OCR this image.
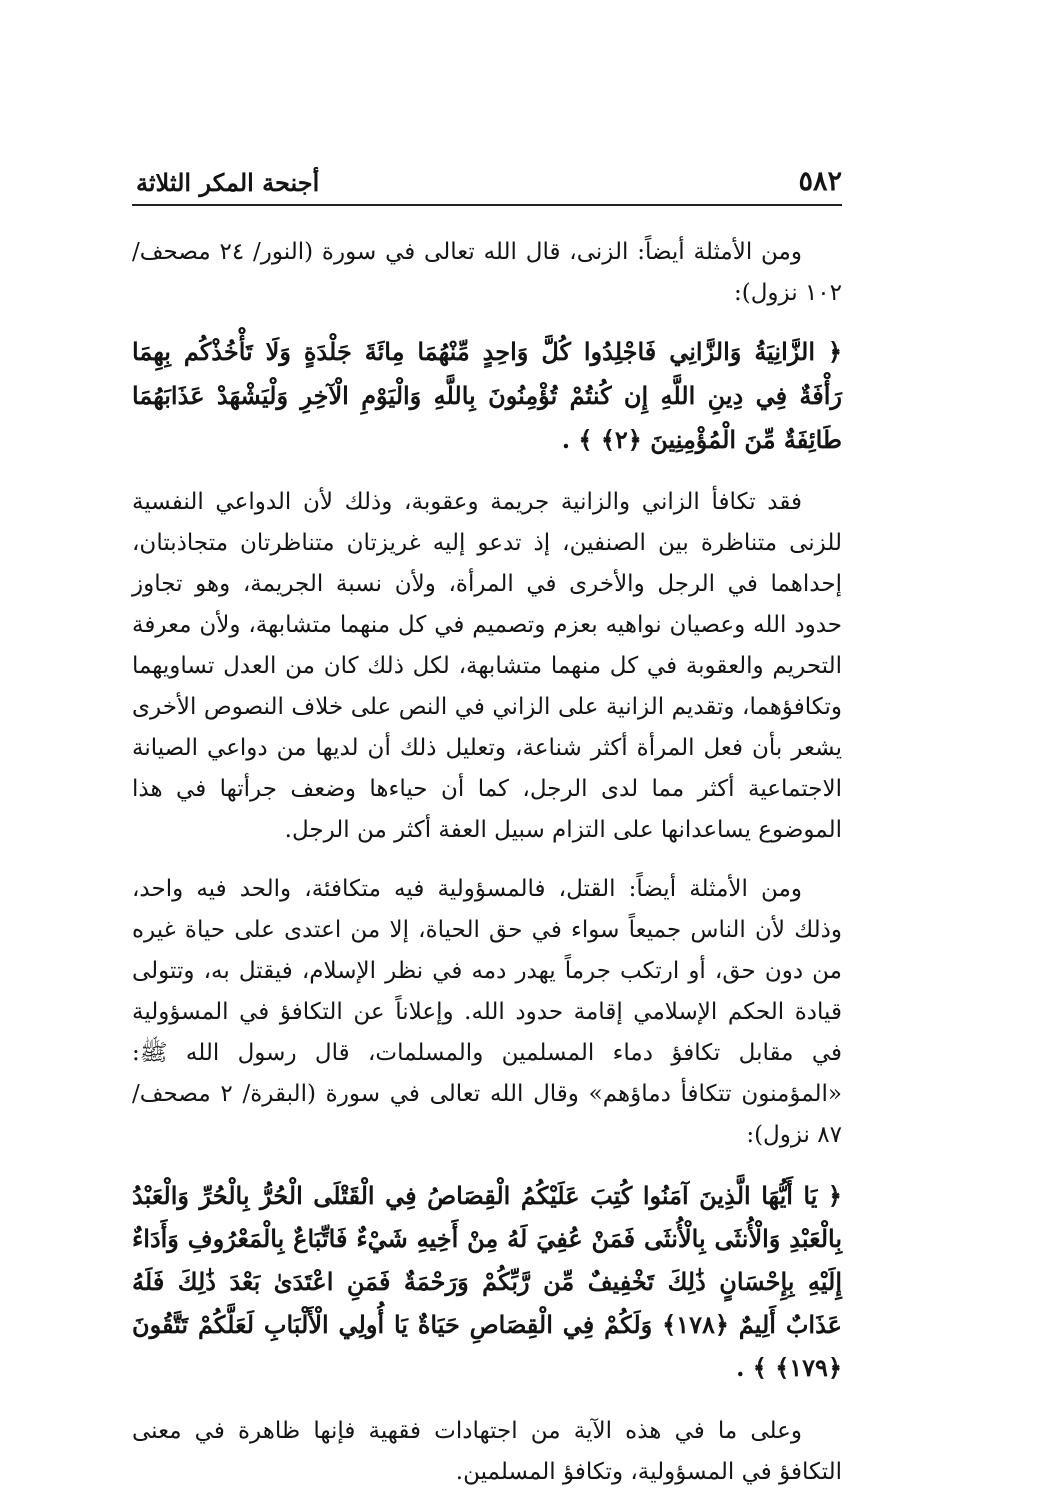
٥٨٢
أجنحة المكر الثلاثة

ومن الأمثلة أيضاً: الزنى، قال الله تعالى في سورة (النور/ ٢٤ مصحف/ ١٠٢ نزول):

﴿ الزَّانِيَةُ وَالزَّانِي فَاجْلِدُوا كُلَّ وَاحِدٍ مِّنْهُمَا مِائَةَ جَلْدَةٍ وَلَا تَأْخُذْكُم بِهِمَا رَأْفَةٌ فِي دِينِ اللَّهِ إِن كُنتُمْ تُؤْمِنُونَ بِاللَّهِ وَالْيَوْمِ الْآخِرِ وَلْيَشْهَدْ عَذَابَهُمَا طَائِفَةٌ مِّنَ الْمُؤْمِنِينَ ﴿٢﴾ ﴾ .

فقد تكافأ الزاني والزانية جريمة وعقوبة، وذلك لأن الدواعي النفسية للزنى متناظرة بين الصنفين، إذ تدعو إليه غريزتان متناظرتان متجاذبتان، إحداهما في الرجل والأخرى في المرأة، ولأن نسبة الجريمة، وهو تجاوز حدود الله وعصيان نواهيه بعزم وتصميم في كل منهما متشابهة، ولأن معرفة التحريم والعقوبة في كل منهما متشابهة، لكل ذلك كان من العدل تساويهما وتكافؤهما، وتقديم الزانية على الزاني في النص على خلاف النصوص الأخرى يشعر بأن فعل المرأة أكثر شناعة، وتعليل ذلك أن لديها من دواعي الصيانة الاجتماعية أكثر مما لدى الرجل، كما أن حياءها وضعف جرأتها في هذا الموضوع يساعدانها على التزام سبيل العفة أكثر من الرجل.

ومن الأمثلة أيضاً: القتل، فالمسؤولية فيه متكافئة، والحد فيه واحد، وذلك لأن الناس جميعاً سواء في حق الحياة، إلا من اعتدى على حياة غيره من دون حق، أو ارتكب جرماً يهدر دمه في نظر الإسلام، فيقتل به، وتتولى قيادة الحكم الإسلامي إقامة حدود الله. وإعلاناً عن التكافؤ في المسؤولية في مقابل تكافؤ دماء المسلمين والمسلمات، قال رسول الله ﷺ: «المؤمنون تتكافأ دماؤهم» وقال الله تعالى في سورة (البقرة/ ٢ مصحف/ ٨٧ نزول):

﴿ يَا أَيُّهَا الَّذِينَ آمَنُوا كُتِبَ عَلَيْكُمُ الْقِصَاصُ فِي الْقَتْلَى الْحُرُّ بِالْحُرِّ وَالْعَبْدُ بِالْعَبْدِ وَالْأُنثَى بِالْأُنثَى فَمَنْ عُفِيَ لَهُ مِنْ أَخِيهِ شَيْءٌ فَاتِّبَاعٌ بِالْمَعْرُوفِ وَأَدَاءٌ إِلَيْهِ بِإِحْسَانٍ ذَٰلِكَ تَخْفِيفٌ مِّن رَّبِّكُمْ وَرَحْمَةٌ فَمَنِ اعْتَدَىٰ بَعْدَ ذَٰلِكَ فَلَهُ عَذَابٌ أَلِيمٌ ﴿١٧٨﴾ وَلَكُمْ فِي الْقِصَاصِ حَيَاةٌ يَا أُولِي الْأَلْبَابِ لَعَلَّكُمْ تَتَّقُونَ ﴿١٧٩﴾ ﴾ .

وعلى ما في هذه الآية من اجتهادات فقهية فإنها ظاهرة في معنى التكافؤ في المسؤولية، وتكافؤ المسلمين.
